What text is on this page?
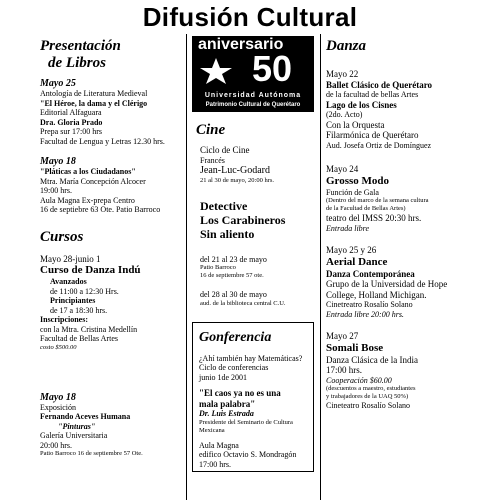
Difusión Cultural
Presentación
de Libros
Mayo 25
Antología de Literatura Medieval
"El Héroe, la dama y el Clérigo
Editorial Alfaguara
Dra. Gloria Prado
Prepa sur 17:00 hrs
Facultad de Lengua y Letras 12.30 hrs.
Mayo 18
"Pláticas a los Ciudadanos"
Mtra. María Concepción Alcocer
19:00 hrs.
Aula Magna Ex-prepa Centro
16 de septiebre 63 Ote. Patio Barroco
Cursos
Mayo 28-junio 1
Curso de Danza Indú
Avanzados
de 11:00 a 12:30 Hrs.
Principiantes
de 17 a 18:30 hrs.
Inscripciones:
con la Mtra. Cristina Medellín
Facultad de Bellas Artes
costo $500.00
Mayo 18
Exposición
Fernando Aceves Humana
"Pinturas"
Galería Universitaria
20:00 hrs.
Patio Barroco 16 de septiembre 57 Ote.
aniversario
50
Universidad Autónoma
Patrimonio Cultural de Querétaro
Cine
Ciclo de Cine
Francés
Jean-Luc-Godard
21 al 30 de mayo, 20:00 hrs.
Detective
Los Carabineros
Sin aliento
del 21 al 23 de mayo
Patio Barroco
16 de septiembre 57 ote.
del 28 al 30 de mayo
aud. de la biblioteca central C.U.
Gonferencia
¿Ahí también hay Matemáticas?
Ciclo de conferencias
junio 1de 2001
"El caos ya no es una
mala palabra"
Dr. Luis Estrada
Presidente del Seminario de Cultura Mexicana
Aula Magna
edifico Octavio S. Mondragón
17:00 hrs.
Danza
Mayo 22
Ballet Clásico de Querétaro
de la facultad de bellas Artes
Lago de los Cisnes
(2do. Acto)
Con la Orquesta
Filarmónica de Querétaro
Aud. Josefa Ortiz de Domínguez
Mayo 24
Grosso Modo
Función de Gala
(Dentro del marco de la semana cultura
de la Facultad de Bellas Artes)
teatro del IMSS 20:30 hrs.
Entrada libre
Mayo 25 y 26
Aerial Dance
Danza Contemporánea
Grupo de la Universidad de Hope
College, Holland Michigan.
Cinetreatro Rosalío Solano
Entrada libre 20:00 hrs.
Mayo 27
Somali Bose
Danza Clásica de la India
17:00 hrs.
Cooperación $60.00
(descuentos a maestro, estudiantes
y trabajadores de la UAQ 50%)
Cineteatro Rosalío Solano
